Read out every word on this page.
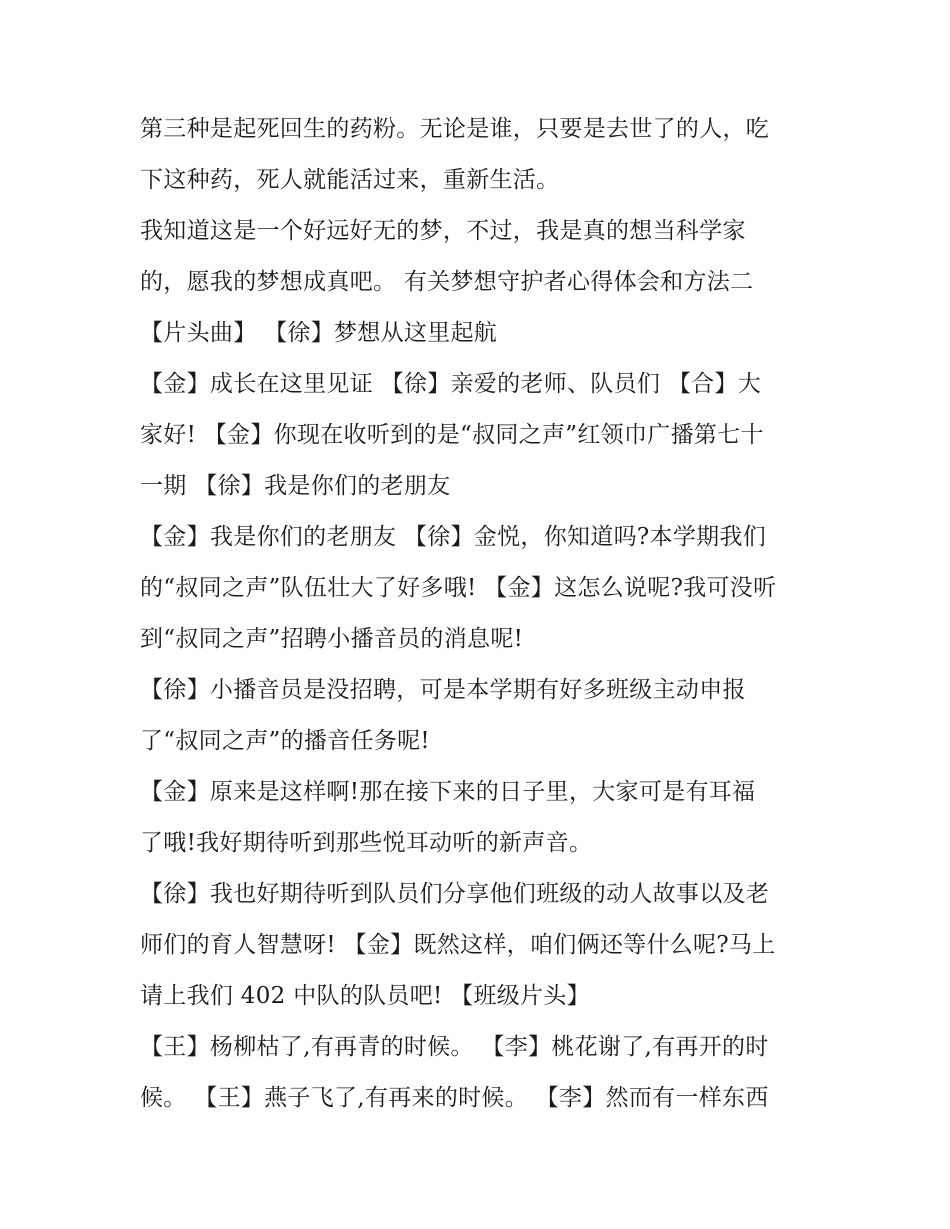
第三种是起死回生的药粉。无论是谁，只要是去世了的人，吃
下这种药，死人就能活过来，重新生活。
我知道这是一个好远好无的梦，不过，我是真的想当科学家
的，愿我的梦想成真吧。 有关梦想守护者心得体会和方法二
【片头曲】 【徐】梦想从这里起航
【金】成长在这里见证 【徐】亲爱的老师、队员们 【合】大
家好! 【金】你现在收听到的是“叔同之声”红领巾广播第七十
一期 【徐】我是你们的老朋友
【金】我是你们的老朋友 【徐】金悦，你知道吗?本学期我们
的“叔同之声”队伍壮大了好多哦! 【金】这怎么说呢?我可没听
到“叔同之声”招聘小播音员的消息呢!
【徐】小播音员是没招聘，可是本学期有好多班级主动申报
了“叔同之声”的播音任务呢!
【金】原来是这样啊!那在接下来的日子里，大家可是有耳福
了哦!我好期待听到那些悦耳动听的新声音。
【徐】我也好期待听到队员们分享他们班级的动人故事以及老
师们的育人智慧呀! 【金】既然这样，咱们俩还等什么呢?马上
请上我们 402 中队的队员吧! 【班级片头】
【王】杨柳枯了,有再青的时候。 【李】桃花谢了,有再开的时
候。 【王】燕子飞了,有再来的时候。 【李】然而有一样东西
